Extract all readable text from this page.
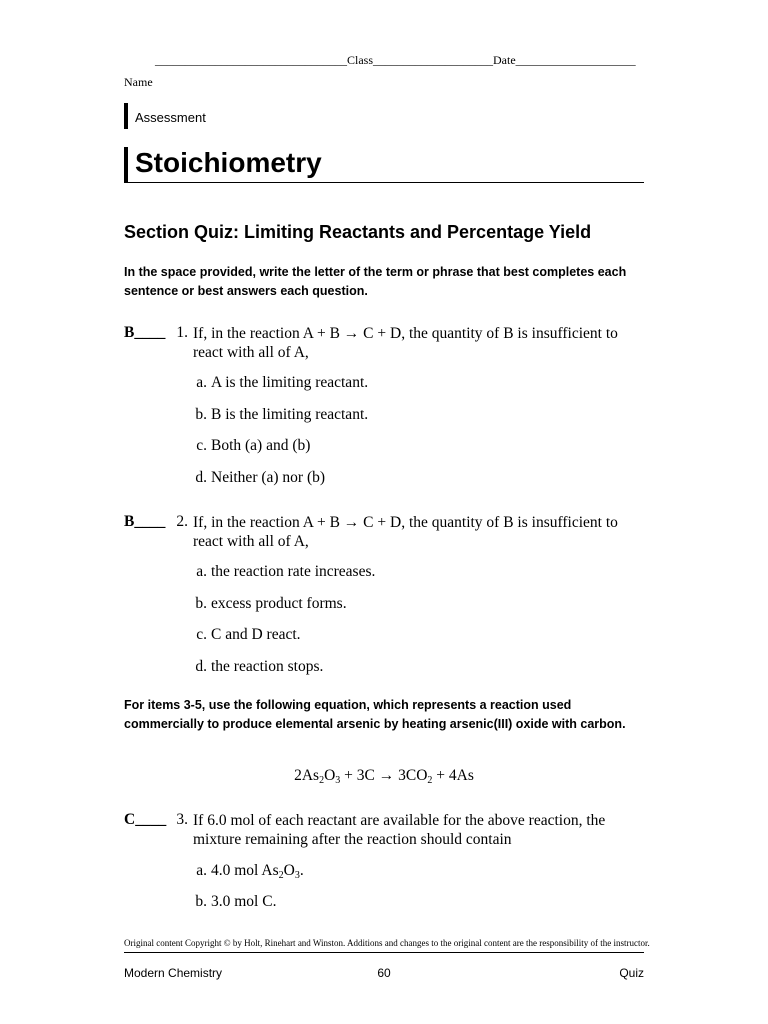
________________________________Class____________________Date____________________
Name
Assessment
Stoichiometry
Section Quiz: Limiting Reactants and Percentage Yield
In the space provided, write the letter of the term or phrase that best completes each sentence or best answers each question.
B____ 1. If, in the reaction A + B → C + D, the quantity of B is insufficient to react with all of A,
a. A is the limiting reactant.
b. B is the limiting reactant.
c. Both (a) and (b)
d. Neither (a) nor (b)
B____ 2. If, in the reaction A + B → C + D, the quantity of B is insufficient to react with all of A,
a. the reaction rate increases.
b. excess product forms.
c. C and D react.
d. the reaction stops.
For items 3-5, use the following equation, which represents a reaction used commercially to produce elemental arsenic by heating arsenic(III) oxide with carbon.
$2As_2O_3 + 3C \to 3CO_2 + 4As$
C____ 3. If 6.0 mol of each reactant are available for the above reaction, the mixture remaining after the reaction should contain
a. 4.0 mol $As_2O_3$.
b. 3.0 mol C.
Original content Copyright © by Holt, Rinehart and Winston. Additions and changes to the original content are the responsibility of the instructor.
Modern Chemistry	60	Quiz
